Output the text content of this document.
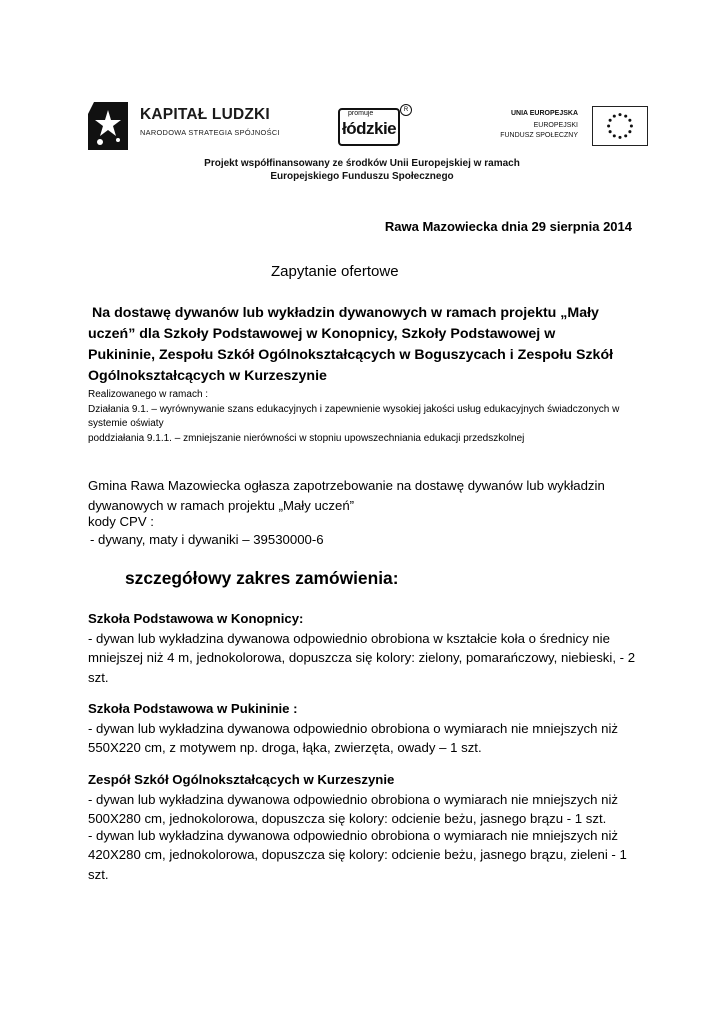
KAPITAŁ LUDZKI
NARODOWA STRATEGIA SPÓJNOŚCI
promuje
łódzkie
R	UNIA EUROPEJSKA
EUROPEJSKI
FUNDUSZ SPOŁECZNY
Projekt współfinansowany ze środków Unii Europejskiej w ramach
Europejskiego Funduszu Społecznego
Rawa Mazowiecka dnia 29 sierpnia 2014
Zapytanie ofertowe
Na dostawę dywanów lub wykładzin dywanowych w ramach projektu „Mały
uczeń” dla Szkoły Podstawowej w Konopnicy, Szkoły Podstawowej w
Pukininie, Zespołu Szkół Ogólnokształcących w Boguszycach i Zespołu Szkół
Ogólnokształcących w Kurzeszynie
Realizowanego w ramach :
Działania 9.1. – wyrównywanie szans edukacyjnych i zapewnienie wysokiej jakości usług edukacyjnych świadczonych w systemie oświaty
poddziałania 9.1.1. – zmniejszanie nierówności w stopniu upowszechniania edukacji przedszkolnej
Gmina Rawa Mazowiecka ogłasza zapotrzebowanie na dostawę dywanów lub wykładzin dywanowych w ramach projektu „Mały uczeń”
kody CPV :
- dywany, maty i dywaniki – 39530000-6
szczegółowy zakres zamówienia:
Szkoła Podstawowa w Konopnicy:
- dywan lub wykładzina dywanowa odpowiednio obrobiona w kształcie koła o średnicy nie mniejszej niż 4 m, jednokolorowa, dopuszcza się kolory: zielony, pomarańczowy, niebieski, - 2 szt.
Szkoła Podstawowa w Pukininie :
- dywan lub wykładzina dywanowa odpowiednio obrobiona o wymiarach nie mniejszych niż 550X220 cm, z motywem np. droga, łąka, zwierzęta, owady – 1 szt.
Zespół Szkół Ogólnokształcących w Kurzeszynie
- dywan lub wykładzina dywanowa odpowiednio obrobiona o wymiarach nie mniejszych niż 500X280 cm, jednokolorowa, dopuszcza się kolory: odcienie beżu, jasnego brązu - 1 szt.
- dywan lub wykładzina dywanowa odpowiednio obrobiona o wymiarach nie mniejszych niż 420X280 cm, jednokolorowa, dopuszcza się kolory: odcienie beżu, jasnego brązu, zieleni - 1 szt.
